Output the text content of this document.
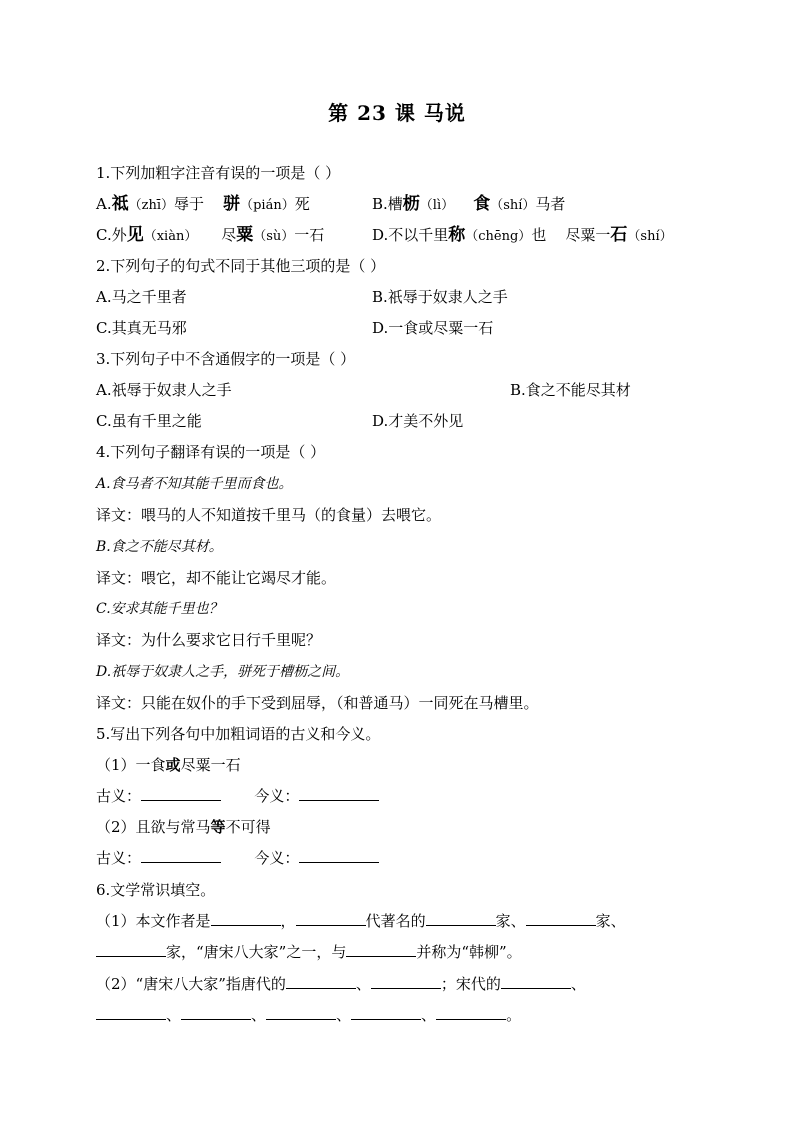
第 23 课 马说
1.下列加粗字注音有误的一项是（ ）
A.祗（zhī）辱于 骈（pián）死	B.槽枥（lì） 食（shí）马者
C.外见（xiàn） 尽粟（sù）一石	D.不以千里称（chēng）也 尽粟一石（shí）
2.下列句子的句式不同于其他三项的是（ ）
A.马之千里者	B.祇辱于奴隶人之手
C.其真无马邪	D.一食或尽粟一石
3.下列句子中不含通假字的一项是（ ）
A.祇辱于奴隶人之手	B.食之不能尽其材
C.虽有千里之能	D.才美不外见
4.下列句子翻译有误的一项是（ ）
A.食马者不知其能千里而食也。
译文：喂马的人不知道按千里马（的食量）去喂它。
B.食之不能尽其材。
译文：喂它，却不能让它竭尽才能。
C.安求其能千里也？
译文：为什么要求它日行千里呢？
D.祇辱于奴隶人之手，骈死于槽枥之间。
译文：只能在奴仆的手下受到屈辱，（和普通马）一同死在马槽里。
5.写出下列各句中加粗词语的古义和今义。
（1）一食或尽粟一石
古义：	今义：
（2）且欲与常马等不可得
古义：	今义：
6.文学常识填空。
（1）本文作者是	，	代著名的	家、	家、
家，“唐宋八大家”之一，与	并称为“韩柳”。
（2）“唐宋八大家”指唐代的	、	；宋代的	、
、	、	、	、	。
